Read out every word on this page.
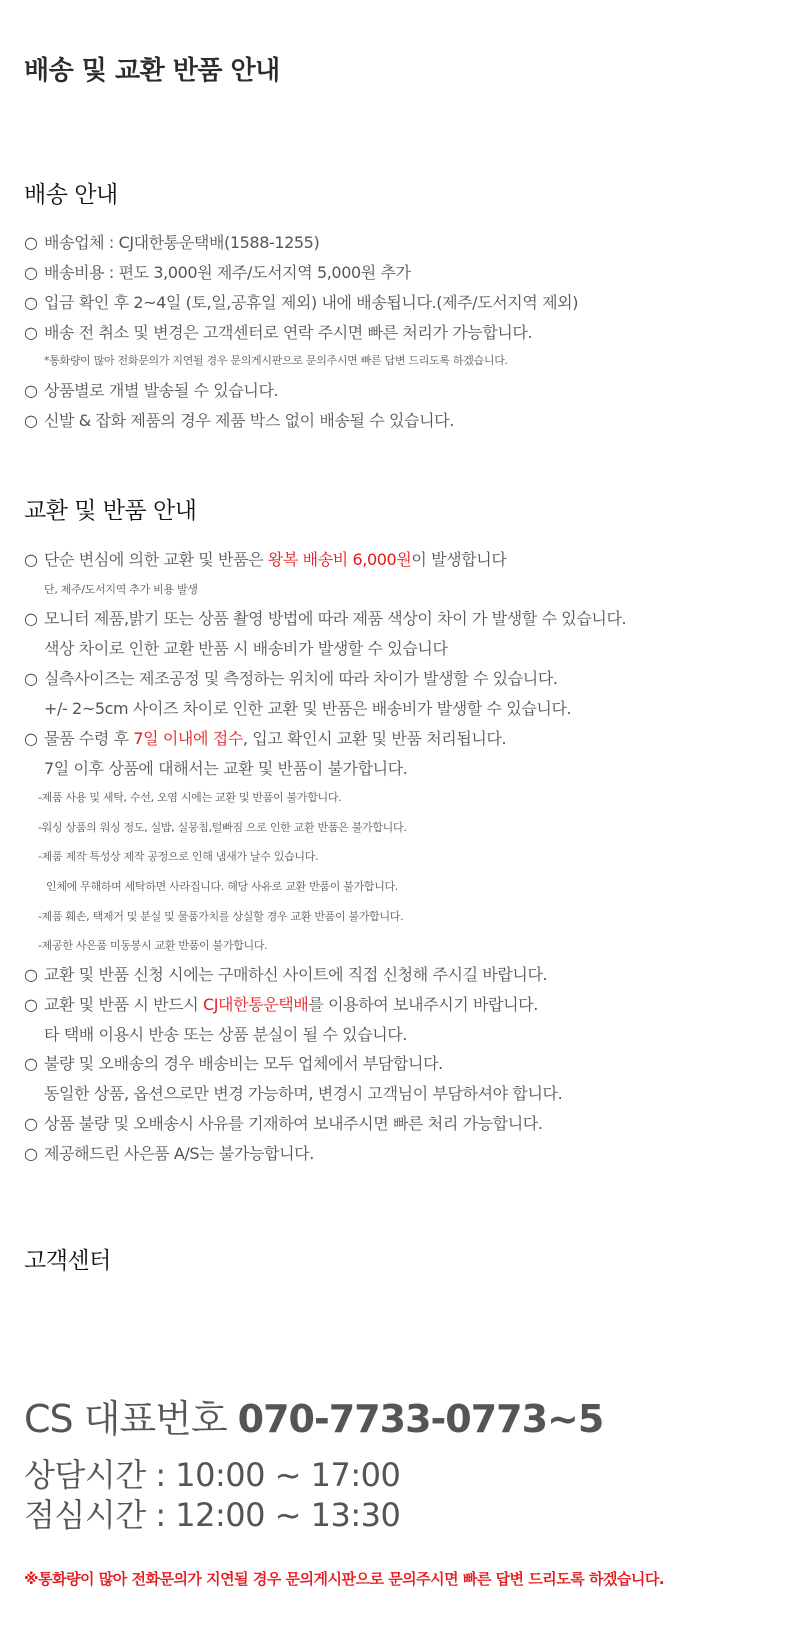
배송 및 교환 반품 안내
배송 안내
○ 배송업체 : CJ대한통운택배(1588-1255)
○ 배송비용 : 편도 3,000원 제주/도서지역 5,000원 추가
○ 입금 확인 후 2~4일 (토,일,공휴일 제외) 내에 배송됩니다.(제주/도서지역 제외)
○ 배송 전 취소 및 변경은 고객센터로 연락 주시면 빠른 처리가 가능합니다.
*통화량이 많아 전화문의가 지연될 경우 문의게시판으로 문의주시면 빠른 답변 드리도록 하겠습니다.
○ 상품별로 개별 발송될 수 있습니다.
○ 신발 & 잡화 제품의 경우 제품 박스 없이 배송될 수 있습니다.
교환 및 반품 안내
○ 단순 변심에 의한 교환 및 반품은 왕복 배송비 6,000원이 발생합니다
단, 제주/도서지역 추가 비용 발생
○ 모니터 제품,밝기 또는 상품 촬영 방법에 따라 제품 색상이 차이 가 발생할 수 있습니다.
색상 차이로 인한 교환 반품 시 배송비가 발생할 수 있습니다
○ 실측사이즈는 제조공정 및 측정하는 위치에 따라 차이가 발생할 수 있습니다.
+/- 2~5cm 사이즈 차이로 인한 교환 및 반품은 배송비가 발생할 수 있습니다.
○ 물품 수령 후 7일 이내에 접수, 입고 확인시 교환 및 반품 처리됩니다.
7일 이후 상품에 대해서는 교환 및 반품이 불가합니다.
-제품 사용 및 세탁, 수선, 오염 시에는 교환 및 반품이 불가합니다.
-워싱 상품의 워싱 정도, 실밥, 실뭉침,털빠짐 으로 인한 교환 반품은 불가합니다.
-제품 제작 특성상 제작 공정으로 인해 냄새가 날수 있습니다.
인체에 무해하며 세탁하면 사라집니다. 해당 사유로 교환 반품이 불가합니다.
-제품 훼손, 택제거 및 분실 및 물품가치를 상실할 경우 교환 반품이 불가합니다.
-제공한 사은품 미동봉시 교환 반품이 불가합니다.
○ 교환 및 반품 신청 시에는 구매하신 사이트에 직접 신청해 주시길 바랍니다.
○ 교환 및 반품 시 반드시 CJ대한통운택배를 이용하여 보내주시기 바랍니다.
타 택배 이용시 반송 또는 상품 분실이 될 수 있습니다.
○ 불량 및 오배송의 경우 배송비는 모두 업체에서 부담합니다.
동일한 상품, 옵션으로만 변경 가능하며, 변경시 고객님이 부담하셔야 합니다.
○ 상품 불량 및 오배송시 사유를 기재하여 보내주시면 빠른 처리 가능합니다.
○ 제공해드린 사은품 A/S는 불가능합니다.
고객센터
CS 대표번호 070-7733-0773~5
상담시간 : 10:00 ~ 17:00
점심시간 : 12:00 ~ 13:30
※통화량이 많아 전화문의가 지연될 경우 문의게시판으로 문의주시면 빠른 답변 드리도록 하겠습니다.
